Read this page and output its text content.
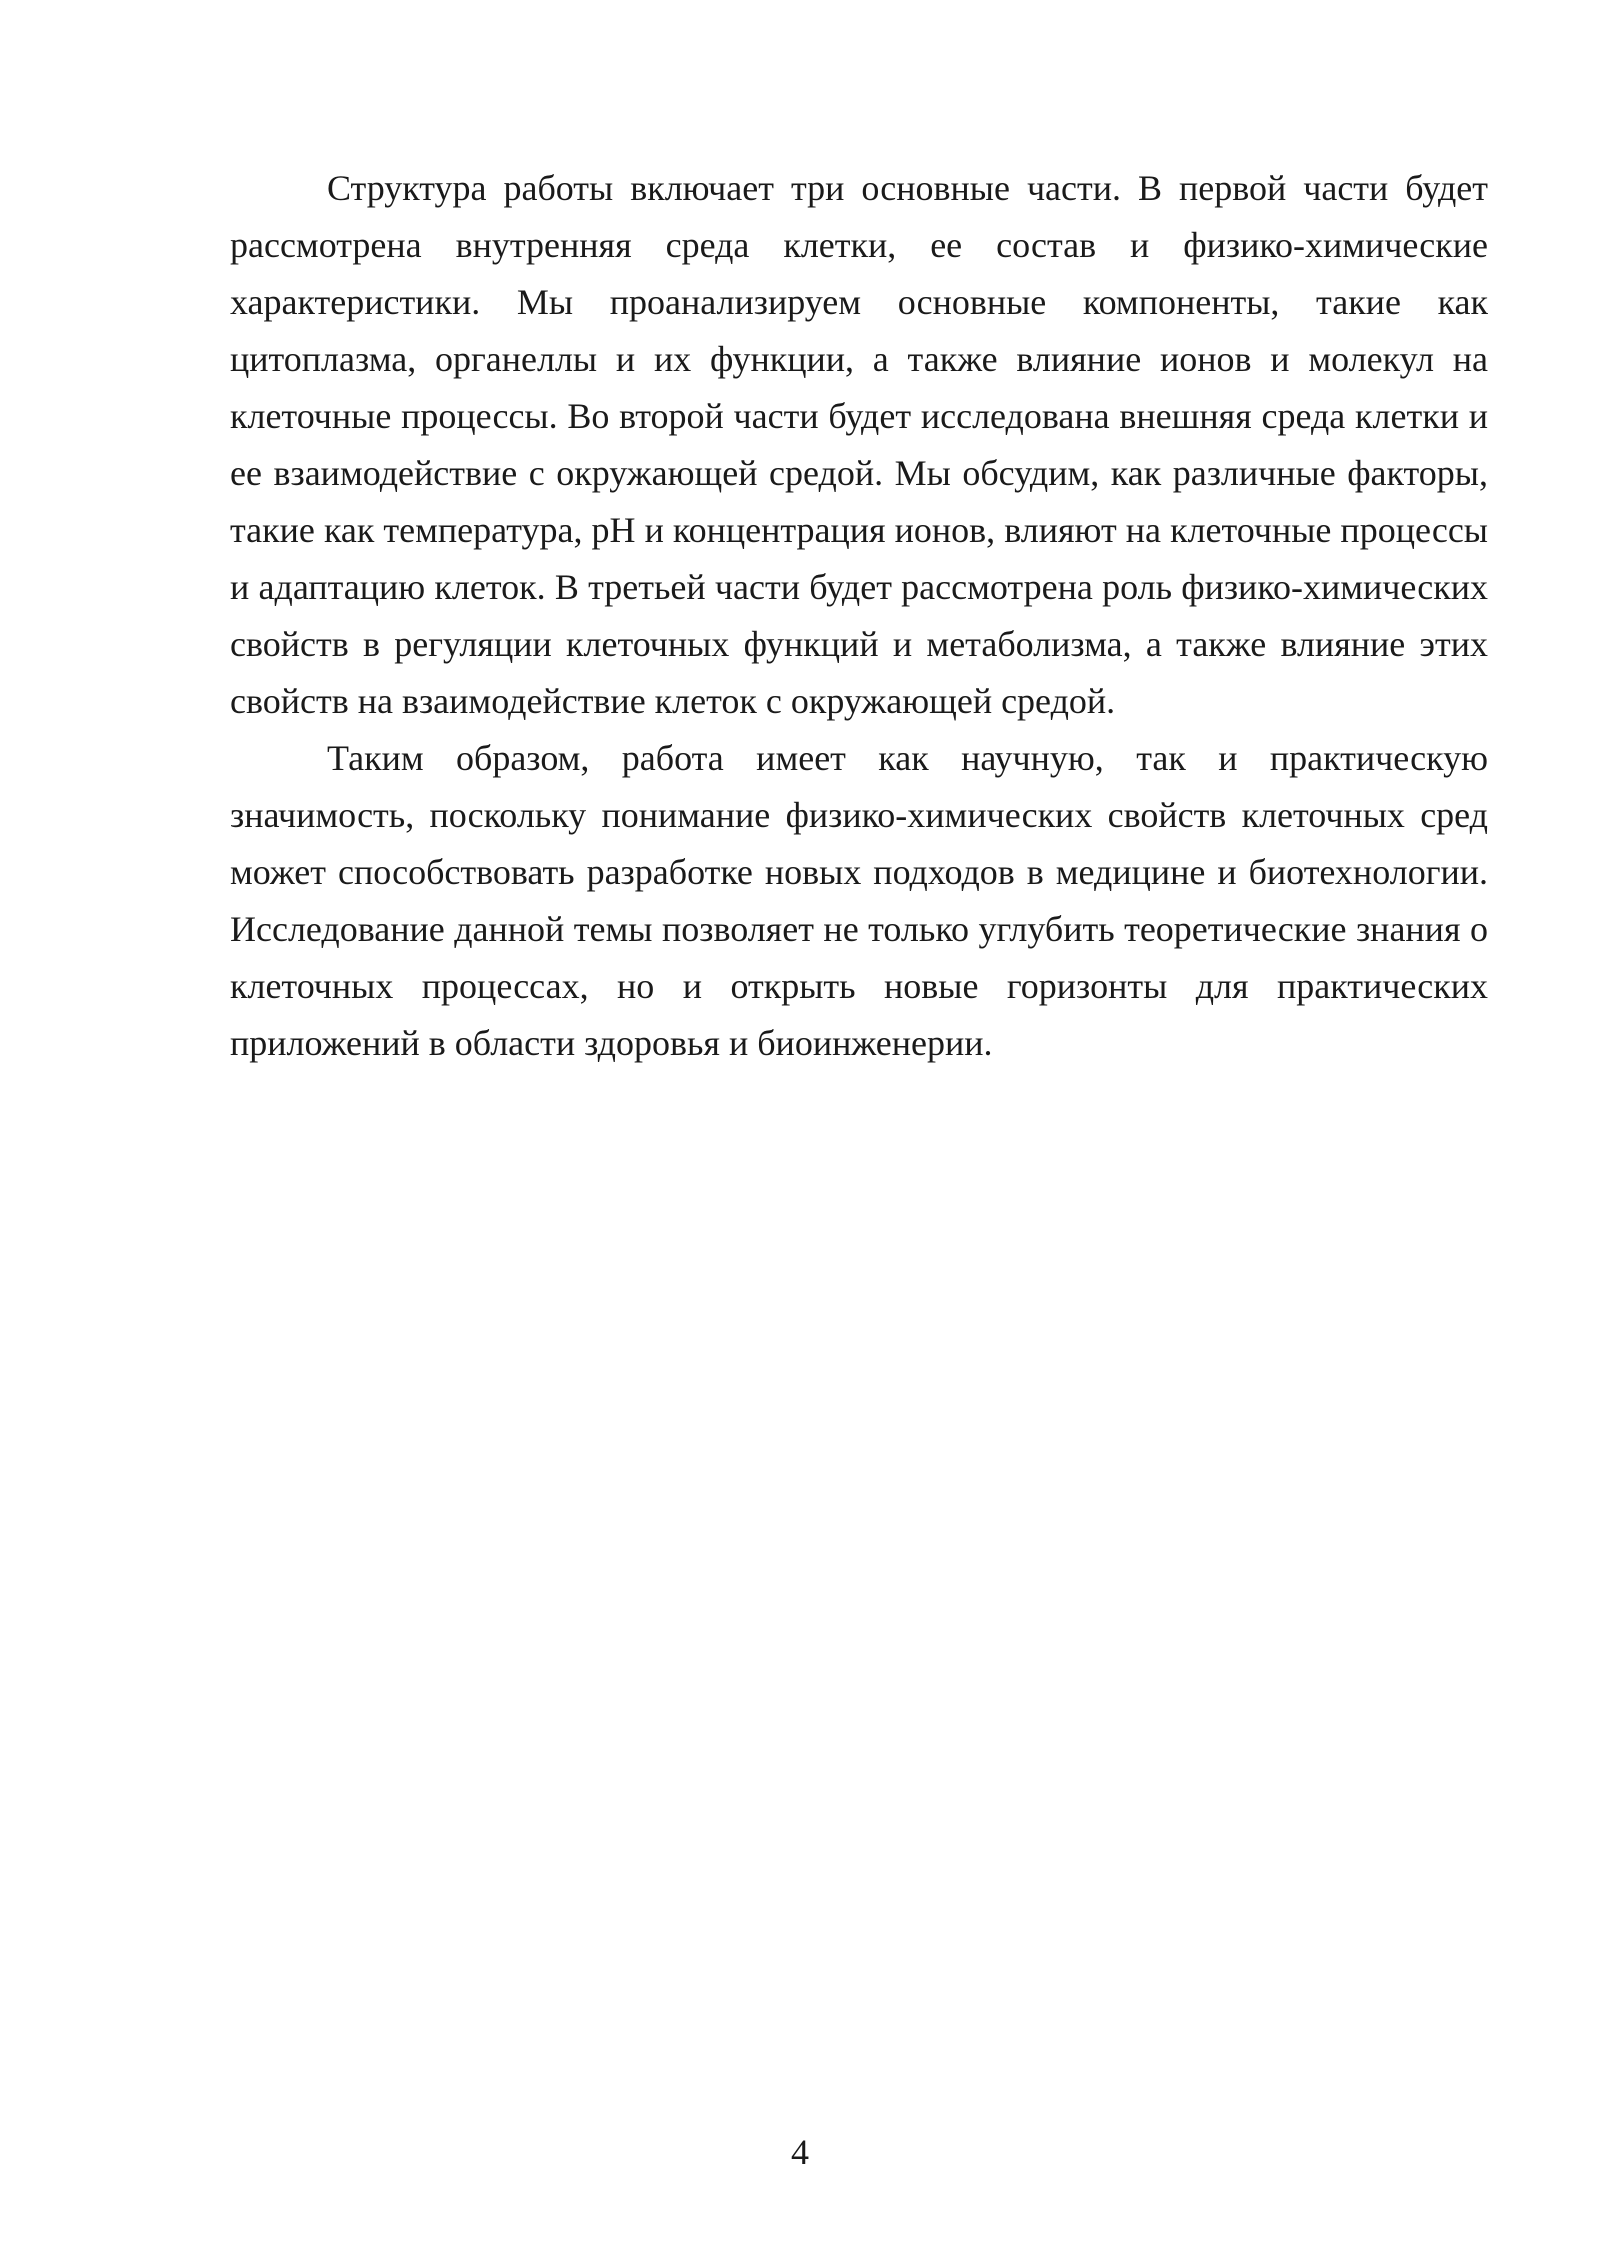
Структура работы включает три основные части. В первой части будет рассмотрена внутренняя среда клетки, ее состав и физико-химические характеристики. Мы проанализируем основные компоненты, такие как цитоплазма, органеллы и их функции, а также влияние ионов и молекул на клеточные процессы. Во второй части будет исследована внешняя среда клетки и ее взаимодействие с окружающей средой. Мы обсудим, как различные факторы, такие как температура, pH и концентрация ионов, влияют на клеточные процессы и адаптацию клеток. В третьей части будет рассмотрена роль физико-химических свойств в регуляции клеточных функций и метаболизма, а также влияние этих свойств на взаимодействие клеток с окружающей средой.

Таким образом, работа имеет как научную, так и практическую значимость, поскольку понимание физико-химических свойств клеточных сред может способствовать разработке новых подходов в медицине и биотехнологии. Исследование данной темы позволяет не только углубить теоретические знания о клеточных процессах, но и открыть новые горизонты для практических приложений в области здоровья и биоинженерии.

4
